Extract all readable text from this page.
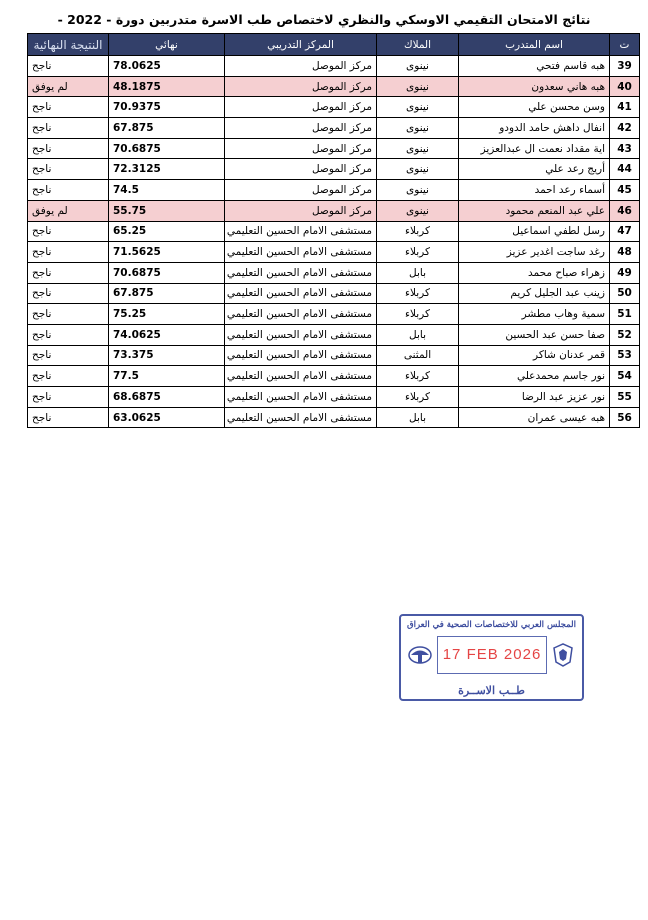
نتائج الامتحان التقيمي الاوسكي والنظري لاختصاص طب الاسرة متدربين دورة - 2022 -
ت	اسم المتدرب	الملاك	المركز التدريبي	نهائي	النتيجة النهائية
39	هبه قاسم فتحي	نينوى	مركز الموصل	78.0625	ناجح
40	هبه هاني سعدون	نينوى	مركز الموصل	48.1875	لم يوفق
41	وسن محسن علي	نينوى	مركز الموصل	70.9375	ناجح
42	انفال داهش حامد الدودو	نينوى	مركز الموصل	67.875	ناجح
43	اية مقداد نعمت ال عبدالعزيز	نينوى	مركز الموصل	70.6875	ناجح
44	أريج رعد علي	نينوى	مركز الموصل	72.3125	ناجح
45	أسماء رعد احمد	نينوى	مركز الموصل	74.5	ناجح
46	علي عبد المنعم محمود	نينوى	مركز الموصل	55.75	لم يوفق
47	رسل لطفي اسماعيل	كربلاء	مستشفى الامام الحسين التعليمي	65.25	ناجح
48	رغد ساجت اغدير عزيز	كربلاء	مستشفى الامام الحسين التعليمي	71.5625	ناجح
49	زهراء صباح محمد	بابل	مستشفى الامام الحسين التعليمي	70.6875	ناجح
50	زينب عبد الجليل كريم	كربلاء	مستشفى الامام الحسين التعليمي	67.875	ناجح
51	سمية وهاب مطشر	كربلاء	مستشفى الامام الحسين التعليمي	75.25	ناجح
52	صفا حسن عبد الحسين	بابل	مستشفى الامام الحسين التعليمي	74.0625	ناجح
53	قمر عدنان شاكر	المثنى	مستشفى الامام الحسين التعليمي	73.375	ناجح
54	نور جاسم محمدعلي	كربلاء	مستشفى الامام الحسين التعليمي	77.5	ناجح
55	نور عزيز عبد الرضا	كربلاء	مستشفى الامام الحسين التعليمي	68.6875	ناجح
56	هبه عيسى عمران	بابل	مستشفى الامام الحسين التعليمي	63.0625	ناجح
المجلس العربي للاختصاصات الصحية في العراق
17 FEB 2026
طــب الاســرة
